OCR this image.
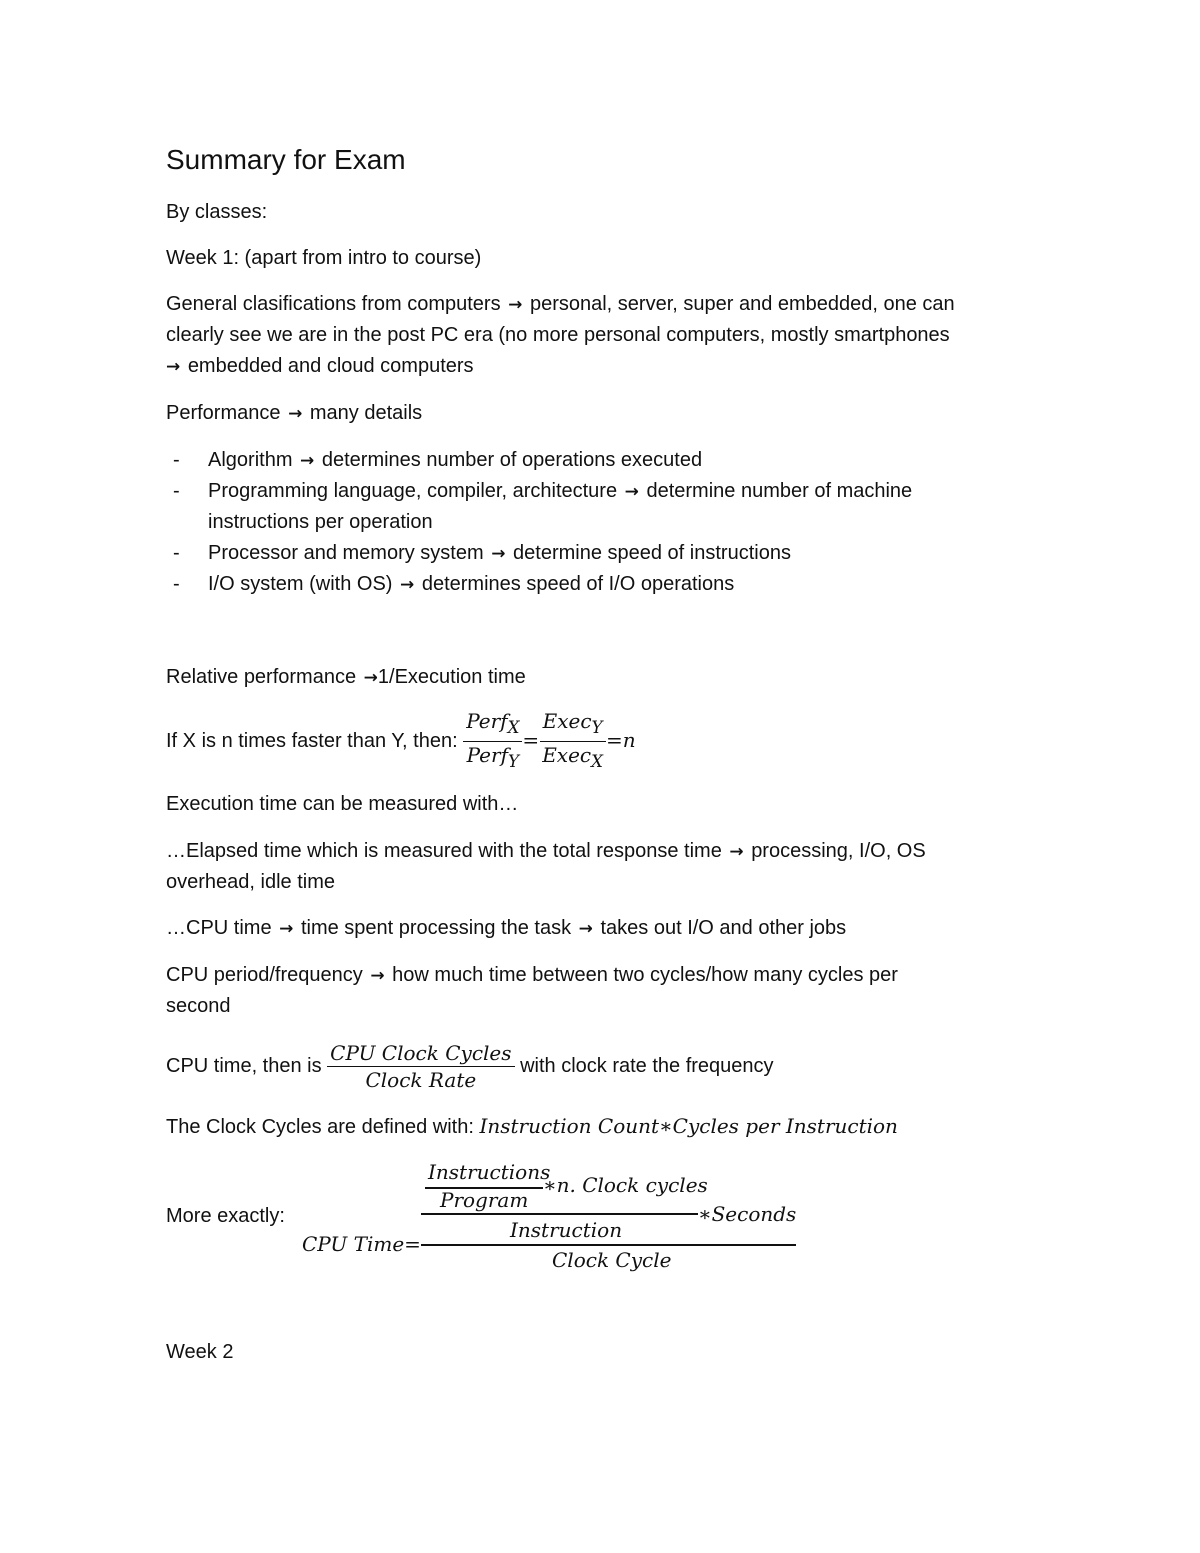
Summary for Exam
By classes:
Week 1: (apart from intro to course)
General clasifications from computers → personal, server, super and embedded, one can
clearly see we are in the post PC era (no more personal computers, mostly smartphones
→ embedded and cloud computers
Performance → many details
- Algorithm → determines number of operations executed
- Programming language, compiler, architecture → determine number of machine
instructions per operation
- Processor and memory system → determine speed of instructions
- I/O system (with OS) → determines speed of I/O operations
Relative performance →1/Execution time
If X is n times faster than Y, then: $\frac{Perf_X}{Perf_Y} = \frac{Exec_Y}{Exec_X} =n$
Execution time can be measured with…
…Elapsed time which is measured with the total response time → processing, I/O, OS
overhead, idle time
…CPU time → time spent processing the task → takes out I/O and other jobs
CPU period/frequency → how much time between two cycles/how many cycles per
second
CPU time, then is $\frac{\text{CPU Clock Cycles}}{\text{Clock Rate}}$ with clock rate the frequency
The Clock Cycles are defined with: Instruction Count∗Cycles per Instruction
More exactly:
CPU Time=
Instructions
Program
∗n. Clock cycles
Instruction
∗Seconds
Clock Cycle
Week 2
